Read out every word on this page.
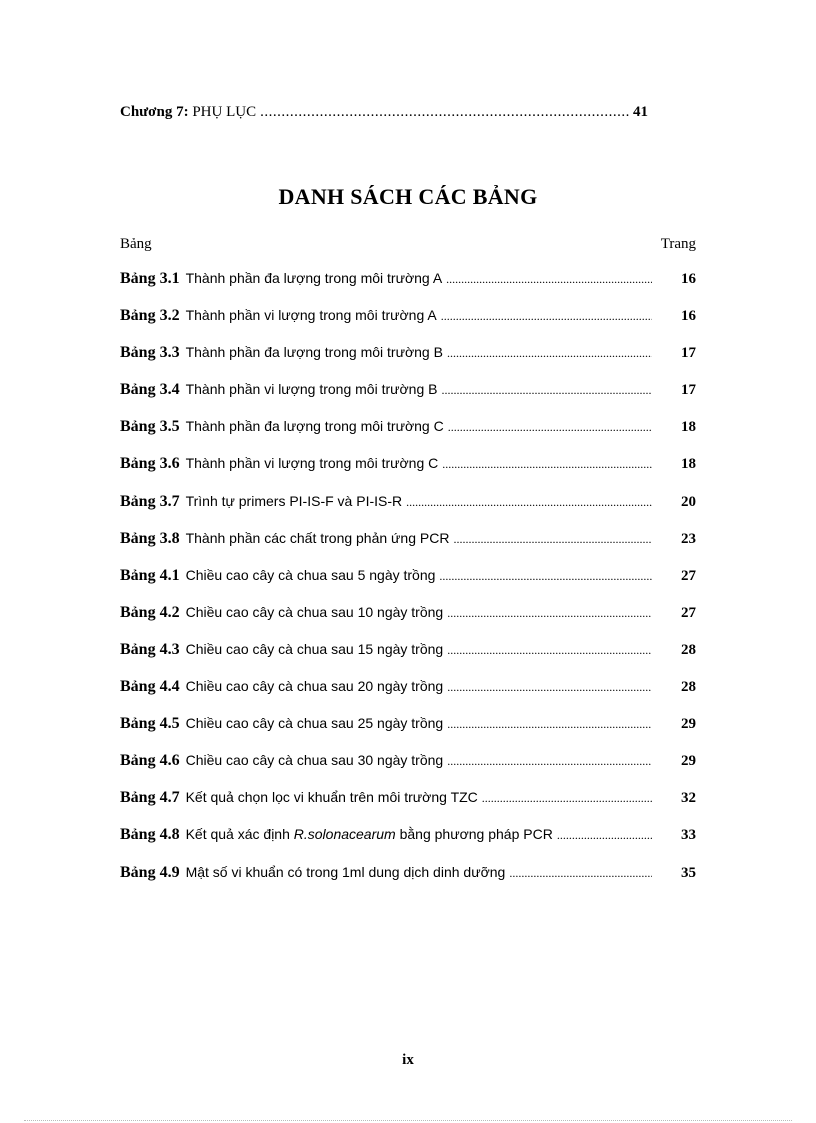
Chương 7:
PHỤ LỤC .....	41
DANH SÁCH CÁC BẢNG
Bảng	Trang
Bảng 3.1 Thành phần đa lượng trong môi trường A .....	16
Bảng 3.2 Thành phần vi lượng trong môi trường A .....	16
Bảng 3.3 Thành phần đa lượng trong môi trường B .....	17
Bảng 3.4 Thành phần vi lượng trong môi trường B .....	17
Bảng 3.5 Thành phần đa lượng trong môi trường C .....	18
Bảng 3.6 Thành phần vi lượng trong môi trường C .....	18
Bảng 3.7 Trình tự primers PI-IS-F và PI-IS-R .....	20
Bảng 3.8 Thành phần các chất trong phản ứng PCR .....	23
Bảng 4.1 Chiều cao cây cà chua sau 5 ngày trồng .....	27
Bảng 4.2 Chiều cao cây cà chua sau 10 ngày trồng .....	27
Bảng 4.3 Chiều cao cây cà chua sau 15 ngày trồng .....	28
Bảng 4.4 Chiều cao cây cà chua sau 20 ngày trồng .....	28
Bảng 4.5 Chiều cao cây cà chua sau 25 ngày trồng .....	29
Bảng 4.6 Chiều cao cây cà chua sau 30 ngày trồng .....	29
Bảng 4.7 Kết quả chọn lọc vi khuẩn trên môi trường TZC .....	32
Bảng 4.8 Kết quả xác định R.solonacearum bằng phương pháp PCR .....	33
Bảng 4.9 Mật số vi khuẩn có trong 1ml dung dịch dinh dưỡng .....	35
ix
